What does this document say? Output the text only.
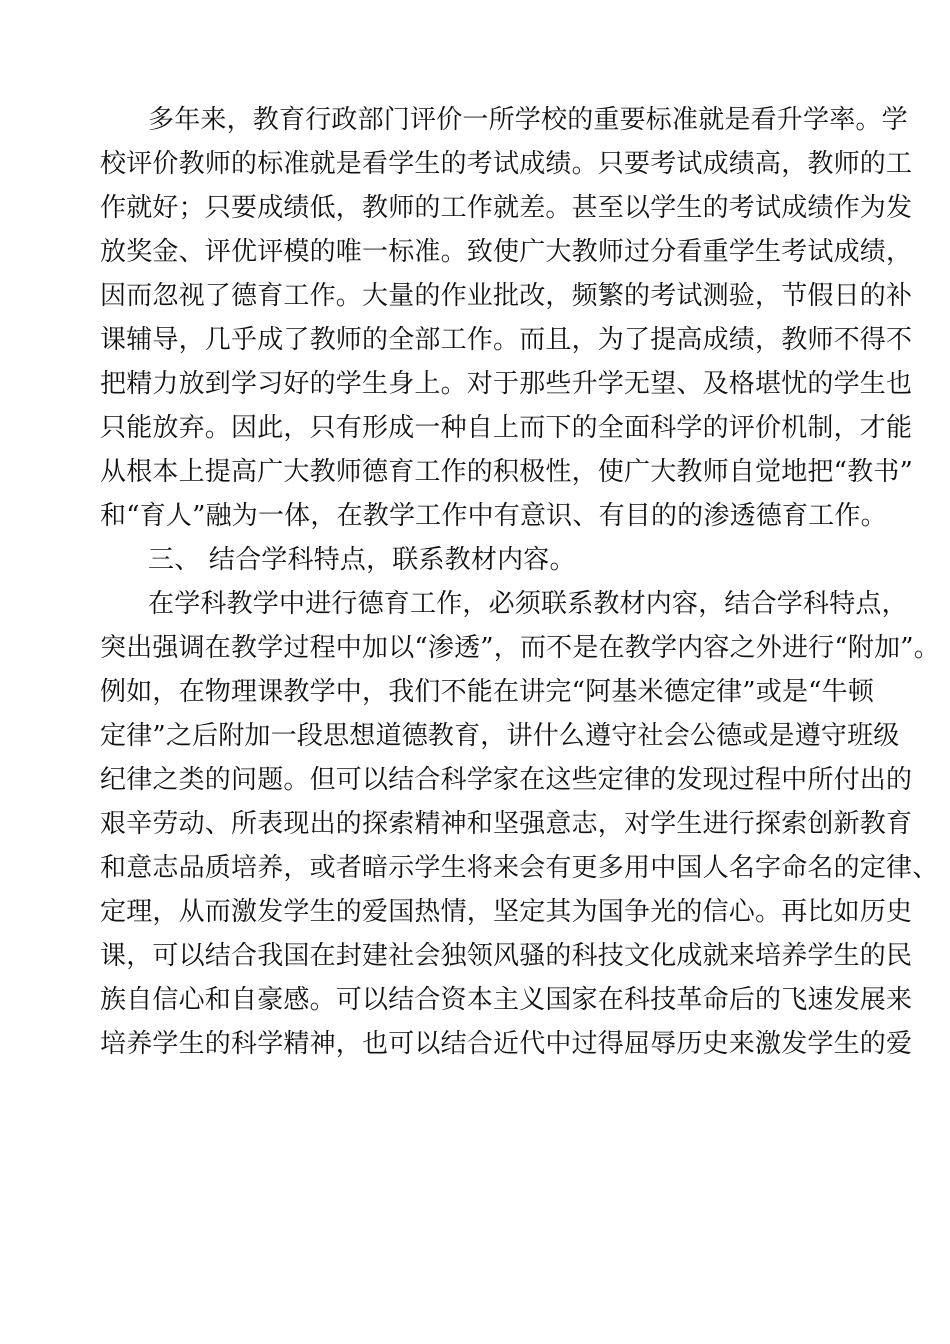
多年来，教育行政部门评价一所学校的重要标准就是看升学率。学
校评价教师的标准就是看学生的考试成绩。只要考试成绩高，教师的工
作就好；只要成绩低，教师的工作就差。甚至以学生的考试成绩作为发
放奖金、评优评模的唯一标准。致使广大教师过分看重学生考试成绩，
因而忽视了德育工作。大量的作业批改，频繁的考试测验，节假日的补
课辅导，几乎成了教师的全部工作。而且，为了提高成绩，教师不得不
把精力放到学习好的学生身上。对于那些升学无望、及格堪忧的学生也
只能放弃。因此，只有形成一种自上而下的全面科学的评价机制，才能
从根本上提高广大教师德育工作的积极性，使广大教师自觉地把“教书”
和“育人”融为一体，在教学工作中有意识、有目的的渗透德育工作。
三、 结合学科特点，联系教材内容。
在学科教学中进行德育工作，必须联系教材内容，结合学科特点，
突出强调在教学过程中加以“渗透”，而不是在教学内容之外进行“附加”。
例如，在物理课教学中，我们不能在讲完“阿基米德定律”或是“牛顿
定律”之后附加一段思想道德教育，讲什么遵守社会公德或是遵守班级
纪律之类的问题。但可以结合科学家在这些定律的发现过程中所付出的
艰辛劳动、所表现出的探索精神和坚强意志，对学生进行探索创新教育
和意志品质培养，或者暗示学生将来会有更多用中国人名字命名的定律、
定理，从而激发学生的爱国热情，坚定其为国争光的信心。再比如历史
课，可以结合我国在封建社会独领风骚的科技文化成就来培养学生的民
族自信心和自豪感。可以结合资本主义国家在科技革命后的飞速发展来
培养学生的科学精神，也可以结合近代中过得屈辱历史来激发学生的爱
